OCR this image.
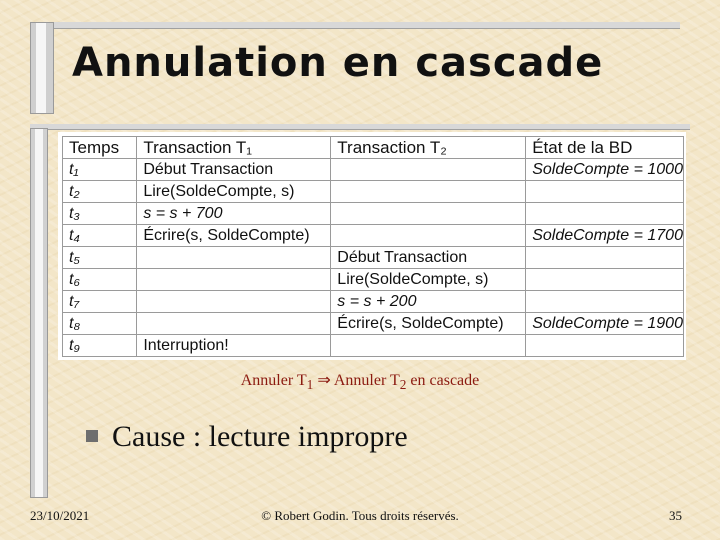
Annulation en cascade
Temps	Transaction T₁	Transaction T₂	État de la BD
t₁	Début Transaction		SoldeCompte = 1000
t₂	Lire(SoldeCompte, s)		
t₃	s = s + 700		
t₄	Écrire(s, SoldeCompte)		SoldeCompte = 1700
t₅		Début Transaction	
t₆		Lire(SoldeCompte, s)	
t₇		s = s + 200	
t₈		Écrire(s, SoldeCompte)	SoldeCompte = 1900
t₉	Interruption!		
Annuler $T_1$ ⇒ Annuler $T_2$ en cascade
Cause : lecture impropre
23/10/2021	© Robert Godin. Tous droits réservés.	35
